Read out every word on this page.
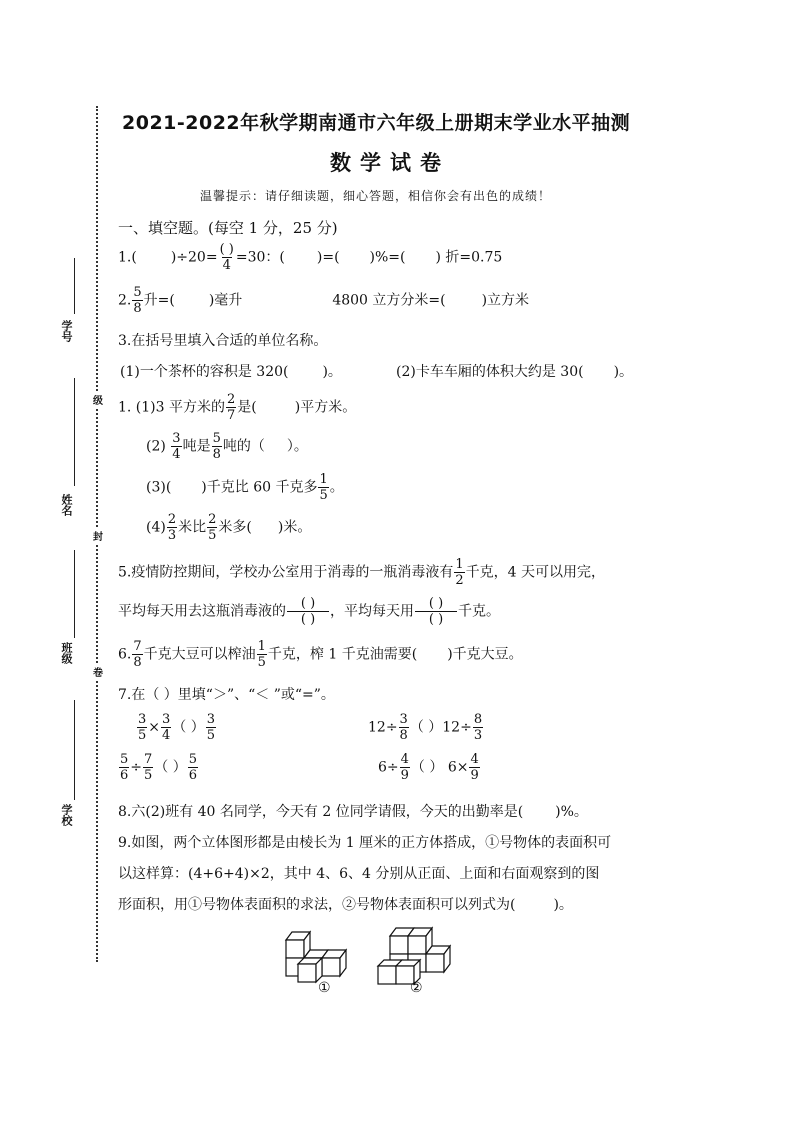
级
封
卷
学号
姓名
班级
学校
2021-2022年秋学期南通市六年级上册期末学业水平抽测
数学试卷
温馨提示：请仔细读题，细心答题，相信你会有出色的成绩！
一、填空题。(每空 1 分，25 分)
1.( )$\div 20= \frac{( )}{4} =30$：( )=( )%=( ) 折=0.75
2. $\frac{5}{8}$ 升=( )毫升	4800 立方分米=(	)立方米
3.在括号里填入合适的单位名称。
(1)一个茶杯的容积是 320( )。	(2)卡车车厢的体积大约是 30( )。
1. (1)3 平方米的 $\frac{2}{7}$ 是(	)平方米。
$(2) \frac{3}{4}$ 吨是 $\frac{5}{8}$ 吨的（ ）。
(3)( )千克比 60 千克多 $\frac{1}{5}$ 。
$(4) \frac{2}{3}$ 米比 $\frac{2}{5}$ 米多( )米。
5.疫情防控期间，学校办公室用于消毒的一瓶消毒液有 $\frac{1}{2}$ 千克，4 天可以用完，
平均每天用去这瓶消毒液的 $\frac{( )}{( )}$ ，平均每天用 $\frac{( )}{( )}$ 千克。
6. $\frac{7}{8}$ 千克大豆可以榨油 $\frac{1}{5}$ 千克，榨 1 千克油需要( )千克大豆。
7.在（ ）里填“＞”、“＜ ”或“=”。
$\frac{3}{5} \times \frac{3}{4}$ （ ） $\frac{3}{5}$	$12\div \frac{3}{8}$ （ ）$12\div \frac{8}{3}$
$\frac{5}{6} \div \frac{7}{5}$ （ ） $\frac{5}{6}$	$6\div \frac{4}{9}$ （ ） $6\times \frac{4}{9}$
8.六(2)班有 40 名同学，今天有 2 位同学请假，今天的出勤率是( )%。
9.如图，两个立体图形都是由棱长为 1 厘米的正方体搭成，①号物体的表面积可
以这样算：(4+6+4)×2，其中 4、6、4 分别从正面、上面和右面观察到的图
形面积，用①号物体表面积的求法，②号物体表面积可以列式为(	)。
①	②
